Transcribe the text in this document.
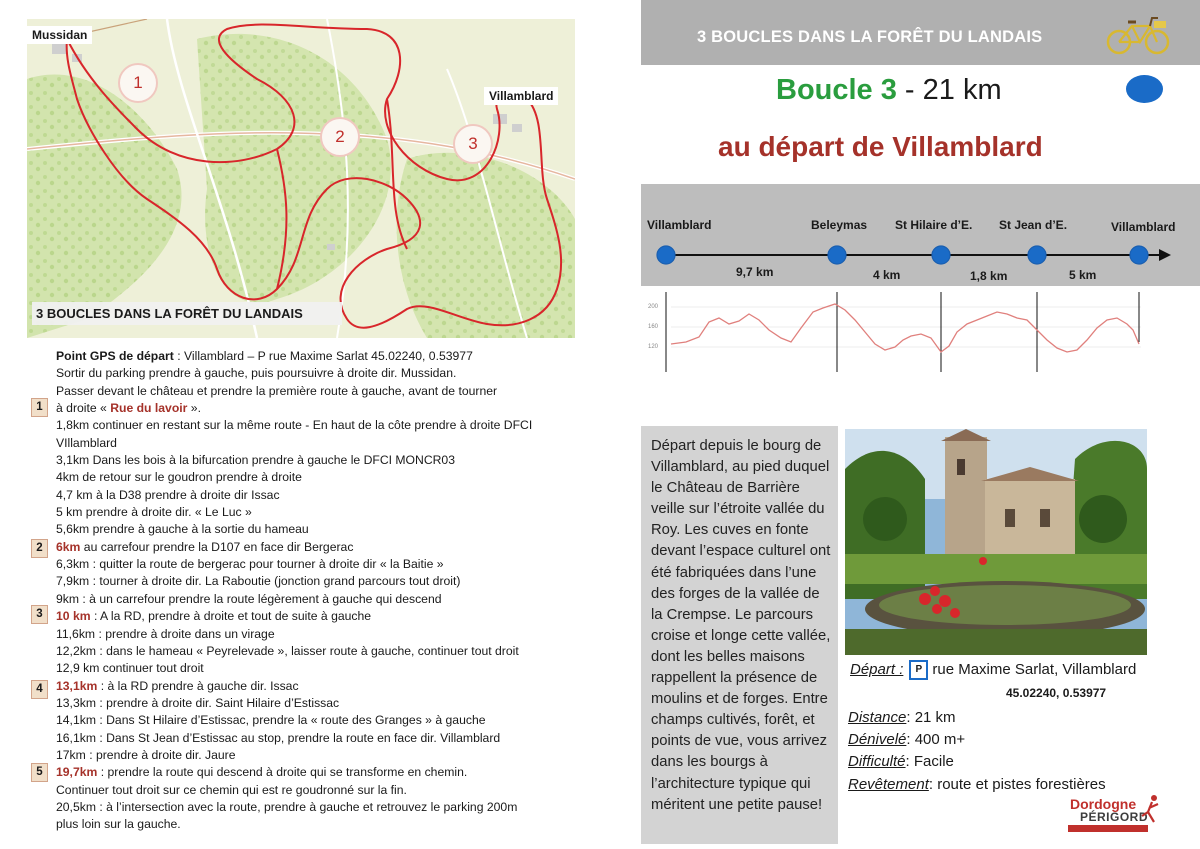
Mussidan
Villamblard
1
2	3
3 BOUCLES DANS LA FORÊT DU LANDAIS

Point GPS de départ : Villamblard – P rue Maxime Sarlat 45.02240, 0.53977

Sortir du parking prendre à gauche, puis poursuivre à droite dir. Mussidan.

Passer devant le château et prendre la première route à gauche, avant de tourner

à droite « Rue du lavoir ».

1,8km continuer en restant sur la même route - En haut de la côte prendre à droite DFCI VIllamblard

3,1km Dans les bois à la bifurcation prendre à gauche le DFCI MONCR03

4km de retour sur le goudron prendre à droite

4,7 km à la D38 prendre à droite dir Issac

5 km prendre à droite dir. « Le Luc »

5,6km prendre à gauche à la sortie du hameau

6km au carrefour prendre la D107 en face dir Bergerac

6,3km : quitter la route de bergerac pour tourner à droite dir « la Baitie »

7,9km : tourner à droite dir. La Raboutie (jonction grand parcours tout droit)

9km : à un carrefour prendre la route légèrement à gauche qui descend

10 km : A la RD, prendre à droite et tout de suite à gauche

11,6km : prendre à droite dans un virage

12,2km : dans le hameau « Peyrelevade », laisser route à gauche, continuer tout droit

12,9 km continuer tout droit

13,1km : à la RD prendre à gauche dir. Issac

13,3km : prendre à droite dir. Saint Hilaire d’Estissac

14,1km : Dans St Hilaire d’Estissac, prendre la « route des Granges » à gauche

16,1km : Dans St Jean d’Estissac au stop, prendre la route en face dir. Villamblard

17km : prendre à droite dir. Jaure

19,7km : prendre la route qui descend à droite qui se transforme en chemin.

Continuer tout droit sur ce chemin qui est re goudronné sur la fin.

20,5km : à l’intersection avec la route, prendre à gauche et retrouvez le parking 200m

plus loin sur la gauche.

1
2
3
4
5
3 BOUCLES DANS LA FORÊT DU LANDAIS
Boucle 3 - 21 km
au départ de Villamblard
Villamblard	Beleymas St Hilaire d’E. St Jean d’E.	Villamblard
9,7 km	4 km	1,8 km	5 km
200
160
120

Départ depuis le bourg de Villamblard, au pied duquel le Château de Barrière veille sur l’étroite vallée du Roy. Les cuves en fonte devant l’espace culturel ont été fabriquées dans l’une des forges de la vallée de la Crempse. Le parcours croise et longe cette vallée, dont les belles maisons rappellent la présence de moulins et de forges. Entre champs cultivés, forêt, et points de vue, vous arrivez dans les bourgs à l’architecture typique qui méritent une petite pause!

Départ : P rue Maxime Sarlat, Villamblard
45.02240, 0.53977
Distance: 21 km
Dénivelé: 400 m+
Difficulté: Facile
Revêtement: route et pistes forestières
Dordogne
PÉRIGORD
